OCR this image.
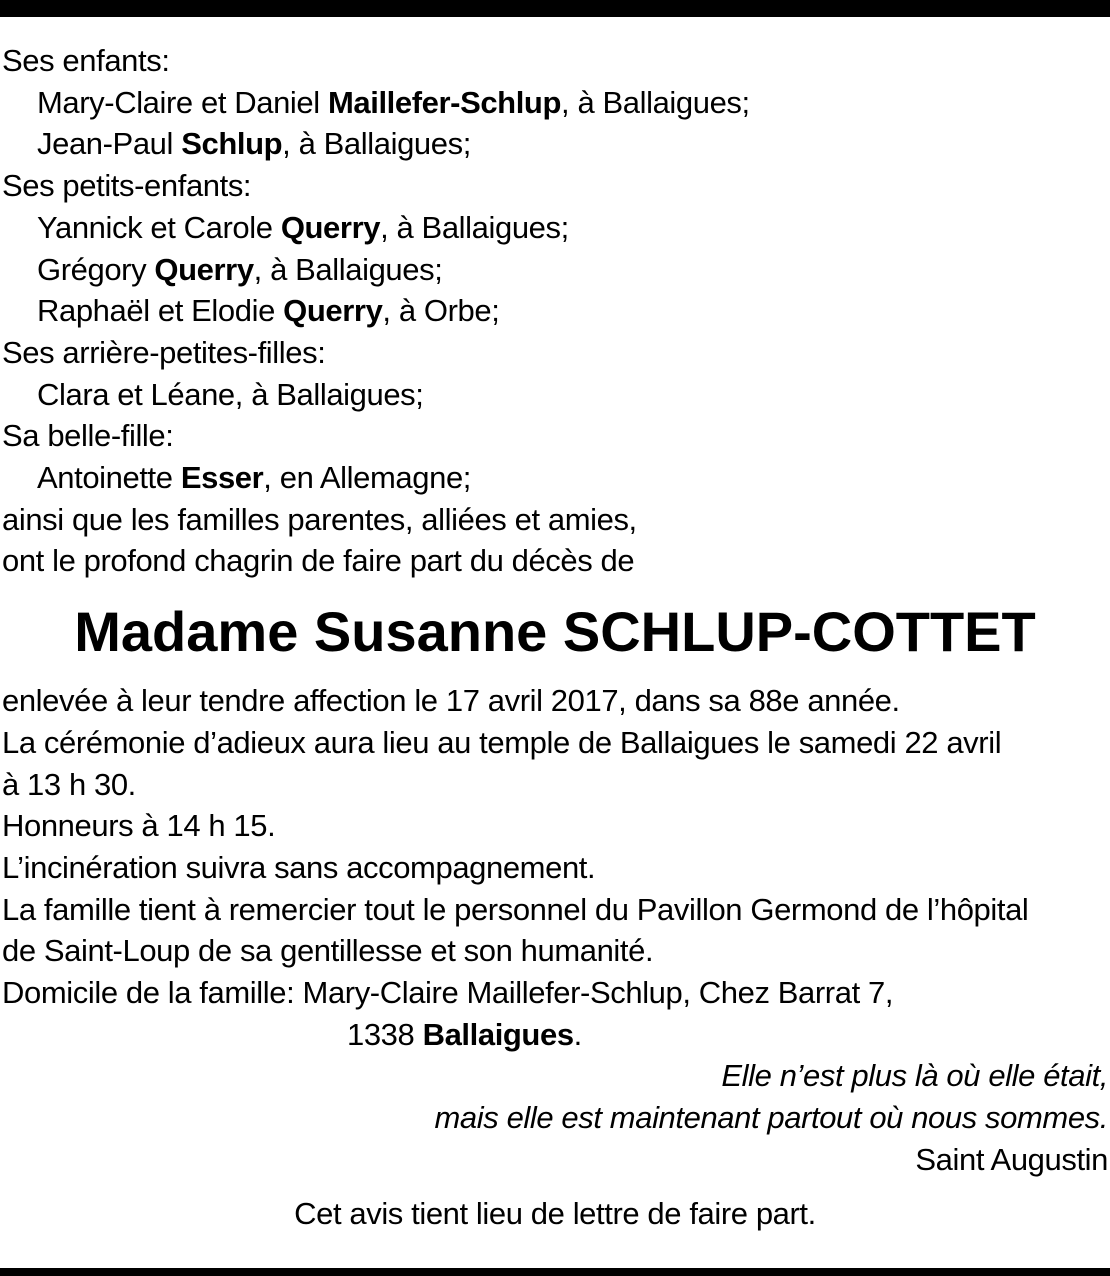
Ses enfants:
Mary-Claire et Daniel Maillefer-Schlup, à Ballaigues;
Jean-Paul Schlup, à Ballaigues;
Ses petits-enfants:
Yannick et Carole Querry, à Ballaigues;
Grégory Querry, à Ballaigues;
Raphaël et Elodie Querry, à Orbe;
Ses arrière-petites-filles:
Clara et Léane, à Ballaigues;
Sa belle-fille:
Antoinette Esser, en Allemagne;
ainsi que les familles parentes, alliées et amies,
ont le profond chagrin de faire part du décès de
Madame Susanne SCHLUP-COTTET
enlevée à leur tendre affection le 17 avril 2017, dans sa 88e année.
La cérémonie d’adieux aura lieu au temple de Ballaigues le samedi 22 avril
à 13 h 30.
Honneurs à 14 h 15.
L’incinération suivra sans accompagnement.
La famille tient à remercier tout le personnel du Pavillon Germond de l’hôpital
de Saint-Loup de sa gentillesse et son humanité.
Domicile de la famille: Mary-Claire Maillefer-Schlup, Chez Barrat 7,
1338 Ballaigues.
Elle n’est plus là où elle était,
mais elle est maintenant partout où nous sommes.
Saint Augustin
Cet avis tient lieu de lettre de faire part.
